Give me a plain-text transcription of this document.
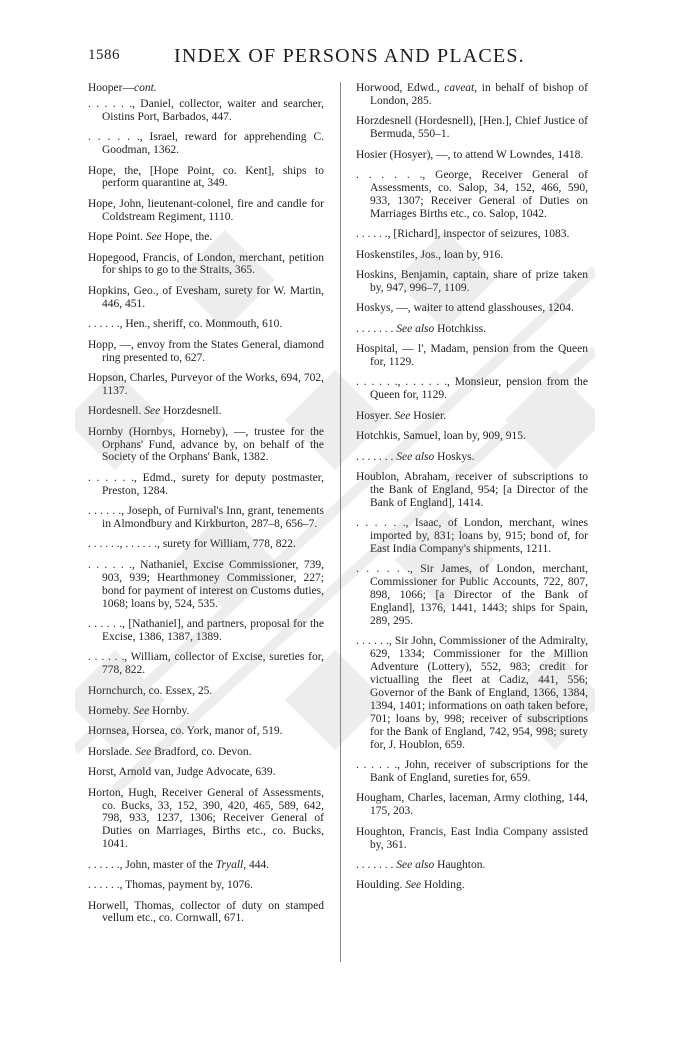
1586	INDEX OF PERSONS AND PLACES.
Hooper—cont.
. . . . . ., Daniel, collector, waiter and searcher, Oistins Port, Barbados, 447.
. . . . . ., Israel, reward for apprehending C. Goodman, 1362.
Hope, the, [Hope Point, co. Kent], ships to perform quarantine at, 349.
Hope, John, lieutenant-colonel, fire and candle for Coldstream Regiment, 1110.
Hope Point. See Hope, the.
Hopegood, Francis, of London, merchant, petition for ships to go to the Straits, 365.
Hopkins, Geo., of Evesham, surety for W. Martin, 446, 451.
. . . . . ., Hen., sheriff, co. Monmouth, 610.
Hopp, —, envoy from the States General, diamond ring presented to, 627.
Hopson, Charles, Purveyor of the Works, 694, 702, 1137.
Hordesnell. See Horzdesnell.
Hornby (Hornbys, Horneby), —, trustee for the Orphans' Fund, advance by, on behalf of the Society of the Orphans' Bank, 1382.
. . . . . ., Edmd., surety for deputy postmaster, Preston, 1284.
. . . . . ., Joseph, of Furnival's Inn, grant, tenements in Almondbury and Kirkburton, 287–8, 656–7.
. . . . . ., . . . . . ., surety for William, 778, 822.
. . . . . ., Nathaniel, Excise Commissioner, 739, 903, 939; Hearthmoney Commissioner, 227; bond for payment of interest on Customs duties, 1068; loans by, 524, 535.
. . . . . ., [Nathaniel], and partners, proposal for the Excise, 1386, 1387, 1389.
. . . . . ., William, collector of Excise, sureties for, 778, 822.
Hornchurch, co. Essex, 25.
Horneby. See Hornby.
Hornsea, Horsea, co. York, manor of, 519.
Horslade. See Bradford, co. Devon.
Horst, Arnold van, Judge Advocate, 639.
Horton, Hugh, Receiver General of Assessments, co. Bucks, 33, 152, 390, 420, 465, 589, 642, 798, 933, 1237, 1306; Receiver General of Duties on Marriages, Births etc., co. Bucks, 1041.
. . . . . ., John, master of the Tryall, 444.
. . . . . ., Thomas, payment by, 1076.
Horwell, Thomas, collector of duty on stamped vellum etc., co. Cornwall, 671.
Horwood, Edwd., caveat, in behalf of bishop of London, 285.
Horzdesnell (Hordesnell), [Hen.], Chief Justice of Bermuda, 550–1.
Hosier (Hosyer), —, to attend W Lowndes, 1418.
. . . . . ., George, Receiver General of Assessments, co. Salop, 34, 152, 466, 590, 933, 1307; Receiver General of Duties on Marriages Births etc., co. Salop, 1042.
. . . . . ., [Richard], inspector of seizures, 1083.
Hoskenstiles, Jos., loan by, 916.
Hoskins, Benjamin, captain, share of prize taken by, 947, 996–7, 1109.
Hoskys, —, waiter to attend glasshouses, 1204.
. . . . . . . See also Hotchkiss.
Hospital, — l', Madam, pension from the Queen for, 1129.
. . . . . ., . . . . . ., Monsieur, pension from the Queen for, 1129.
Hosyer. See Hosier.
Hotchkis, Samuel, loan by, 909, 915.
. . . . . . . See also Hoskys.
Houblon, Abraham, receiver of subscriptions to the Bank of England, 954; [a Director of the Bank of England], 1414.
. . . . . ., Isaac, of London, merchant, wines imported by, 831; loans by, 915; bond of, for East India Company's shipments, 1211.
. . . . . ., Sir James, of London, merchant, Commissioner for Public Accounts, 722, 807, 898, 1066; [a Director of the Bank of England], 1376, 1441, 1443; ships for Spain, 289, 295.
. . . . . ., Sir John, Commissioner of the Admiralty, 629, 1334; Commissioner for the Million Adventure (Lottery), 552, 983; credit for victualling the fleet at Cadiz, 441, 556; Governor of the Bank of England, 1366, 1384, 1394, 1401; informations on oath taken before, 701; loans by, 998; receiver of subscriptions for the Bank of England, 742, 954, 998; surety for, J. Houblon, 659.
. . . . . ., John, receiver of subscriptions for the Bank of England, sureties for, 659.
Hougham, Charles, laceman, Army clothing, 144, 175, 203.
Houghton, Francis, East India Company assisted by, 361.
. . . . . . . See also Haughton.
Houlding. See Holding.
